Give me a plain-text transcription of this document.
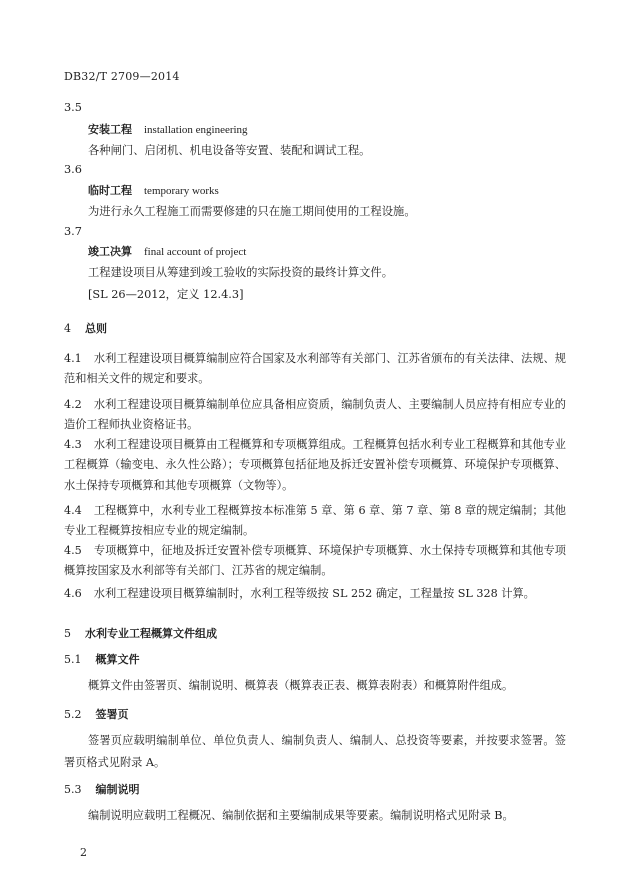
DB32/T 2709—2014
3.5
安装工程 installation engineering
各种闸门、启闭机、机电设备等安置、装配和调试工程。
3.6
临时工程 temporary works
为进行永久工程施工而需要修建的只在施工期间使用的工程设施。
3.7
竣工决算 final account of project
工程建设项目从筹建到竣工验收的实际投资的最终计算文件。
[SL 26—2012，定义 12.4.3]
4 总则
4.1 水利工程建设项目概算编制应符合国家及水利部等有关部门、江苏省颁布的有关法律、法规、规范和相关文件的规定和要求。
4.2 水利工程建设项目概算编制单位应具备相应资质，编制负责人、主要编制人员应持有相应专业的造价工程师执业资格证书。
4.3 水利工程建设项目概算由工程概算和专项概算组成。工程概算包括水利专业工程概算和其他专业工程概算（输变电、永久性公路）；专项概算包括征地及拆迁安置补偿专项概算、环境保护专项概算、水土保持专项概算和其他专项概算（文物等）。
4.4 工程概算中，水利专业工程概算按本标准第 5 章、第 6 章、第 7 章、第 8 章的规定编制；其他专业工程概算按相应专业的规定编制。
4.5 专项概算中，征地及拆迁安置补偿专项概算、环境保护专项概算、水土保持专项概算和其他专项概算按国家及水利部等有关部门、江苏省的规定编制。
4.6 水利工程建设项目概算编制时，水利工程等级按 SL 252 确定，工程量按 SL 328 计算。
5 水利专业工程概算文件组成
5.1 概算文件
概算文件由签署页、编制说明、概算表（概算表正表、概算表附表）和概算附件组成。
5.2 签署页
签署页应载明编制单位、单位负责人、编制负责人、编制人、总投资等要素，并按要求签署。签署页格式见附录 A。
5.3 编制说明
编制说明应载明工程概况、编制依据和主要编制成果等要素。编制说明格式见附录 B。
2
